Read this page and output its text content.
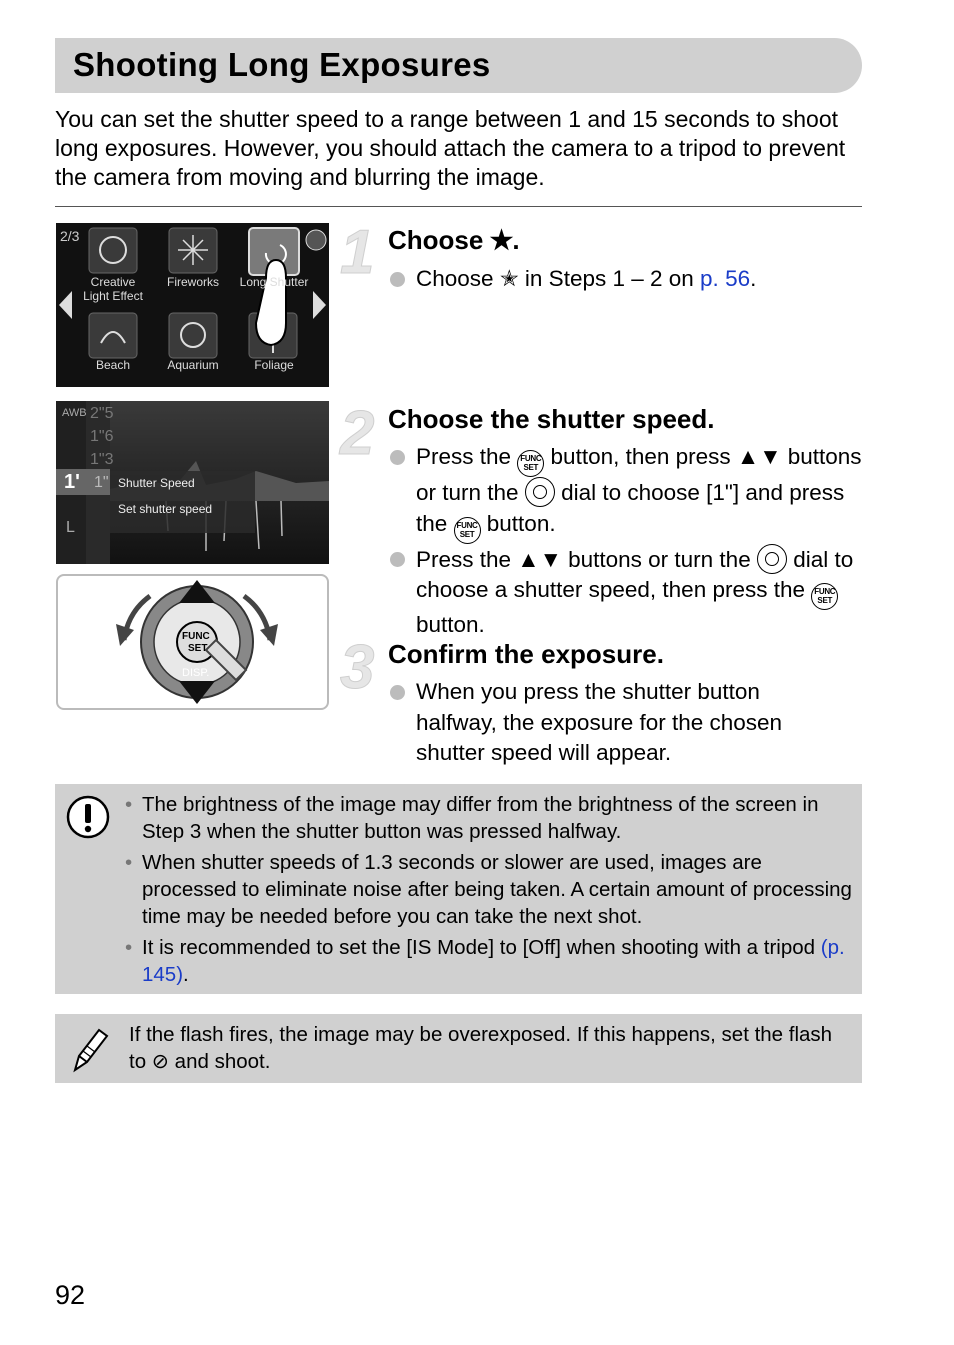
Shooting Long Exposures
You can set the shutter speed to a range between 1 and 15 seconds to shoot long exposures. However, you should attach the camera to a tripod to prevent the camera from moving and blurring the image.
2/3
Creative Light Effect
Fireworks	Long Shutter
Beach	Aquarium	Foliage
AWB
1'
L
2"5
1"6
1"3
1" Shutter Speed
Set shutter speed
FUNC
SET
DISP.
1 Choose ✭.
Choose ✭ in Steps 1 – 2 on p. 56.
2 Choose the shutter speed.
Press the FUNC
SET button, then press ▲▼ buttons or turn the  dial to choose [1"] and press the FUNC
SET button.
Press the ▲▼ buttons or turn the  dial to choose a shutter speed, then press the FUNC
SET button.
3 Confirm the exposure.
When you press the shutter button halfway, the exposure for the chosen shutter speed will appear.
• The brightness of the image may differ from the brightness of the screen in Step 3 when the shutter button was pressed halfway.
• When shutter speeds of 1.3 seconds or slower are used, images are processed to eliminate noise after being taken. A certain amount of processing time may be needed before you can take the next shot.
• It is recommended to set the [IS Mode] to [Off] when shooting with a tripod (p. 145).
If the flash fires, the image may be overexposed. If this happens, set the flash to ⊘ and shoot.
92
